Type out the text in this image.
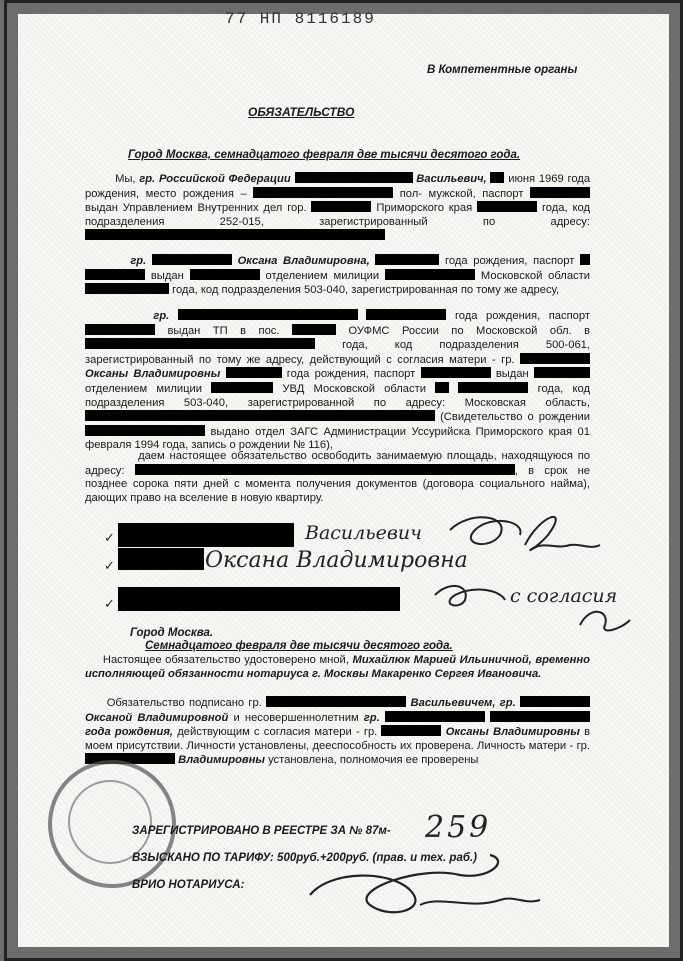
77 НП 8116189
В Компетентные органы
ОБЯЗАТЕЛЬСТВО
Город Москва, семнадцатого февраля две тысячи десятого года.
Мы, гр. Российской Федерации	Васильевич, июня 1969 года рождения, место рождения –	пол- мужской, паспорт  выдан Управлением Внутренних дел гор.	Приморского края	года, код подразделения 252-015, зарегистрированный по адресу:
гр.	Оксана Владимировна,	года рождения, паспорт   выдан	отделением милиции	Московской области  года, код подразделения 503-040, зарегистрированная по тому же адресу,
гр.	года рождения, паспорт  выдан ТП в пос.	ОУФМС России по Московской обл. в  года, код подразделения 500-061, зарегистрированный по тому же адресу, действующий с согласия матери - гр.  Оксаны Владимировны	года рождения, паспорт	выдан  отделением милиции	УВД Московской области	года, код подразделения 503-040, зарегистрированной по адресу: Московская область,  (Свидетельство о рождении  выдано отдел ЗАГС Администрации Уссурийска Приморского края 01 февраля 1994 года, запись о рождении № 116),
даем настоящее обязательство освободить занимаемую площадь, находящуюся по адресу:	, в срок не позднее сорока пяти дней с момента получения документов (договора социального найма), дающих право на вселение в новую квартиру.
✓	Васильевич
✓	Оксана Владимировна
✓	с согласия
Город Москва.
Семнадцатого февраля две тысячи десятого года.
Настоящее обязательство удостоверено мной, Михайлюк Марией Ильиничной, временно исполняющей обязанности нотариуса г. Москвы Макаренко Сергея Ивановича.
Обязательство подписано гр.	Васильевичем, гр.  Оксаной Владимировной и несовершеннолетним гр.   года рождения, действующим с согласия матери - гр.	Оксаны Владимировны в моем присутствии. Личности установлены, дееспособность их проверена. Личность матери - гр.  Владимировны установлена, полномочия ее проверены
ЗАРЕГИСТРИРОВАНО В РЕЕСТРЕ ЗА № 87м- 259
ВЗЫСКАНО ПО ТАРИФУ: 500руб.+200руб. (прав. и тех. раб.)
ВРИО НОТАРИУСА:
